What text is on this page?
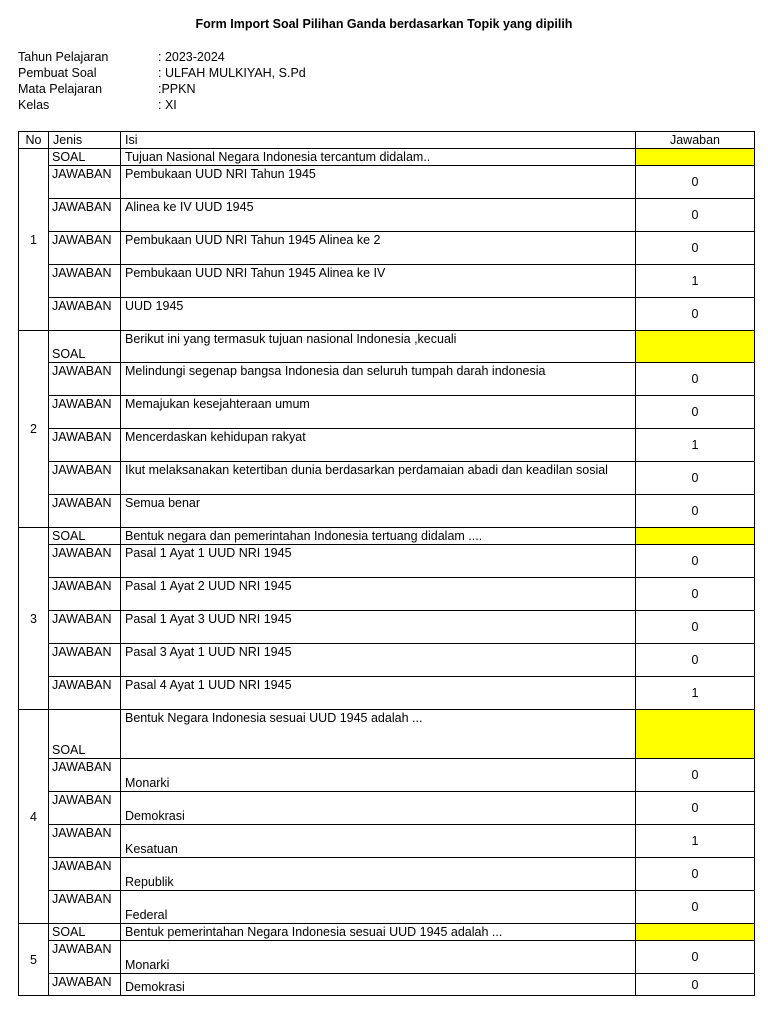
Form Import Soal Pilihan Ganda berdasarkan Topik yang dipilih
Tahun Pelajaran	: 2023-2024
Pembuat Soal	: ULFAH MULKIYAH, S.Pd
Mata Pelajaran	:PPKN
Kelas	: XI
No	Jenis	Isi	Jawaban
1	SOAL	Tujuan Nasional Negara Indonesia tercantum didalam..	
	JAWABAN	Pembukaan UUD NRI Tahun 1945	0
	JAWABAN	Alinea ke IV UUD 1945	0
	JAWABAN	Pembukaan UUD NRI Tahun 1945 Alinea ke 2	0
	JAWABAN	Pembukaan UUD NRI Tahun 1945 Alinea ke IV	1
	JAWABAN	UUD 1945	0
2	SOAL	Berikut ini yang termasuk tujuan nasional Indonesia ,kecuali	
	JAWABAN	Melindungi segenap bangsa Indonesia dan seluruh tumpah darah indonesia	0
	JAWABAN	Memajukan kesejahteraan umum	0
	JAWABAN	Mencerdaskan kehidupan rakyat	1
	JAWABAN	Ikut melaksanakan ketertiban dunia berdasarkan perdamaian abadi dan keadilan sosial	0
	JAWABAN	Semua benar	0
3	SOAL	Bentuk negara dan pemerintahan Indonesia tertuang didalam ....	
	JAWABAN	Pasal 1 Ayat 1 UUD NRI 1945	0
	JAWABAN	Pasal 1 Ayat 2 UUD NRI 1945	0
	JAWABAN	Pasal 1 Ayat 3 UUD NRI 1945	0
	JAWABAN	Pasal 3 Ayat 1 UUD NRI 1945	0
	JAWABAN	Pasal 4 Ayat 1 UUD NRI 1945	1
4	SOAL	Bentuk Negara Indonesia sesuai UUD 1945 adalah ...	
	JAWABAN	Monarki	0
	JAWABAN	Demokrasi	0
	JAWABAN	Kesatuan	1
	JAWABAN	Republik	0
	JAWABAN	Federal	0
5	SOAL	Bentuk pemerintahan Negara Indonesia sesuai UUD 1945 adalah ...	
	JAWABAN	Monarki	0
	JAWABAN	Demokrasi	0
